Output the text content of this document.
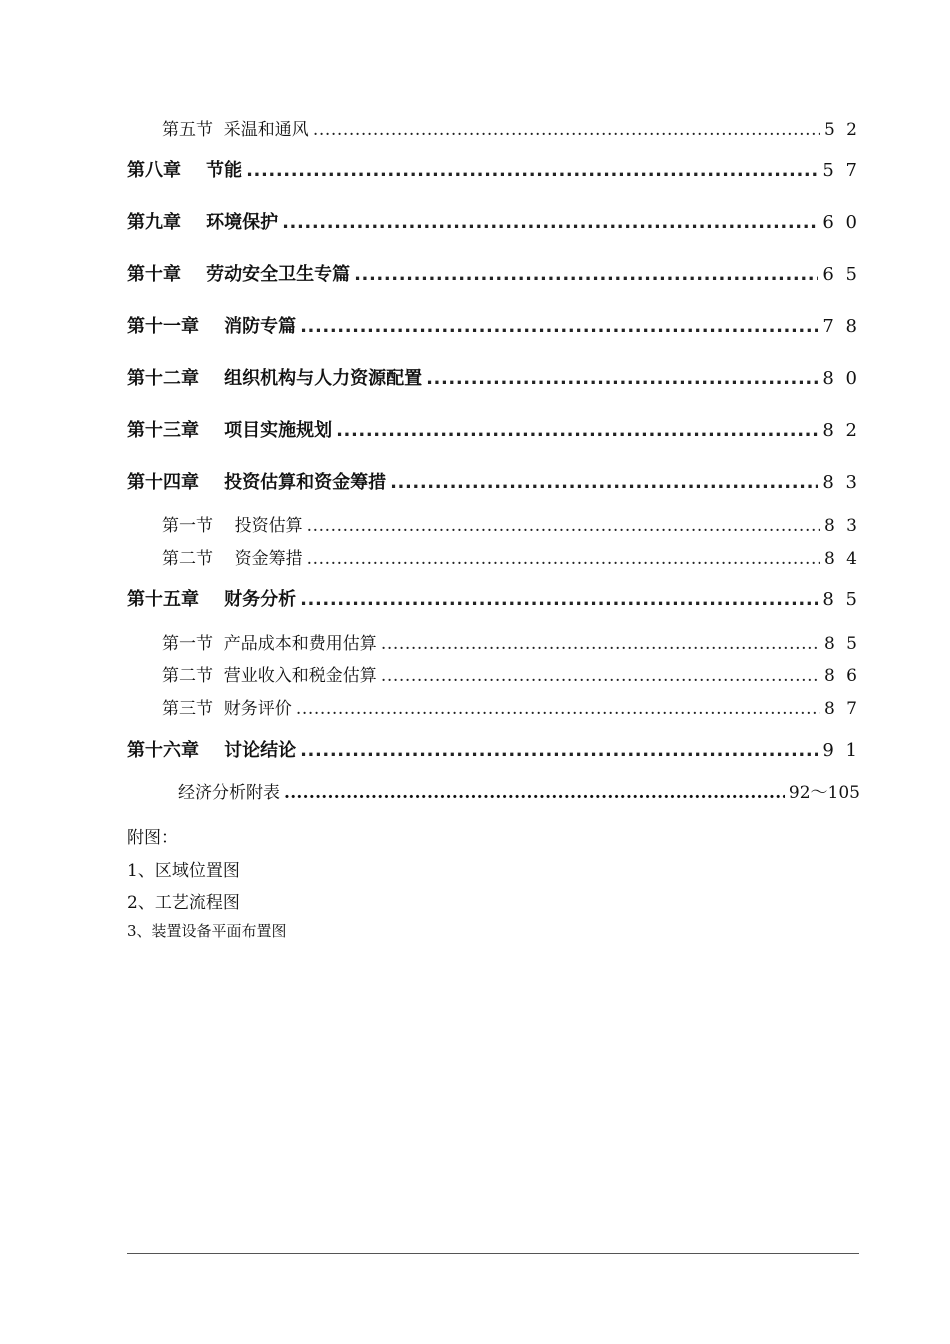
第五节  采温和通风 .....	5 2
第八章    节能 .....	5 7
第九章    环境保护 .....	6 0
第十章    劳动安全卫生专篇 .....	6 5
第十一章    消防专篇 .....	7 8
第十二章    组织机构与人力资源配置 .....	8 0
第十三章    项目实施规划 .....	8 2
第十四章    投资估算和资金筹措 .....	8 3
第一节    投资估算 .....	8 3
第二节    资金筹措 .....	8 4
第十五章    财务分析 .....	8 5
第一节  产品成本和费用估算 .....	8 5
第二节  营业收入和税金估算 .....	8 6
第三节  财务评价 .....	8 7
第十六章    讨论结论 .....	9 1
经济分析附表 .....	92～105
附图：
1、区域位置图
2、工艺流程图
3、装置设备平面布置图
